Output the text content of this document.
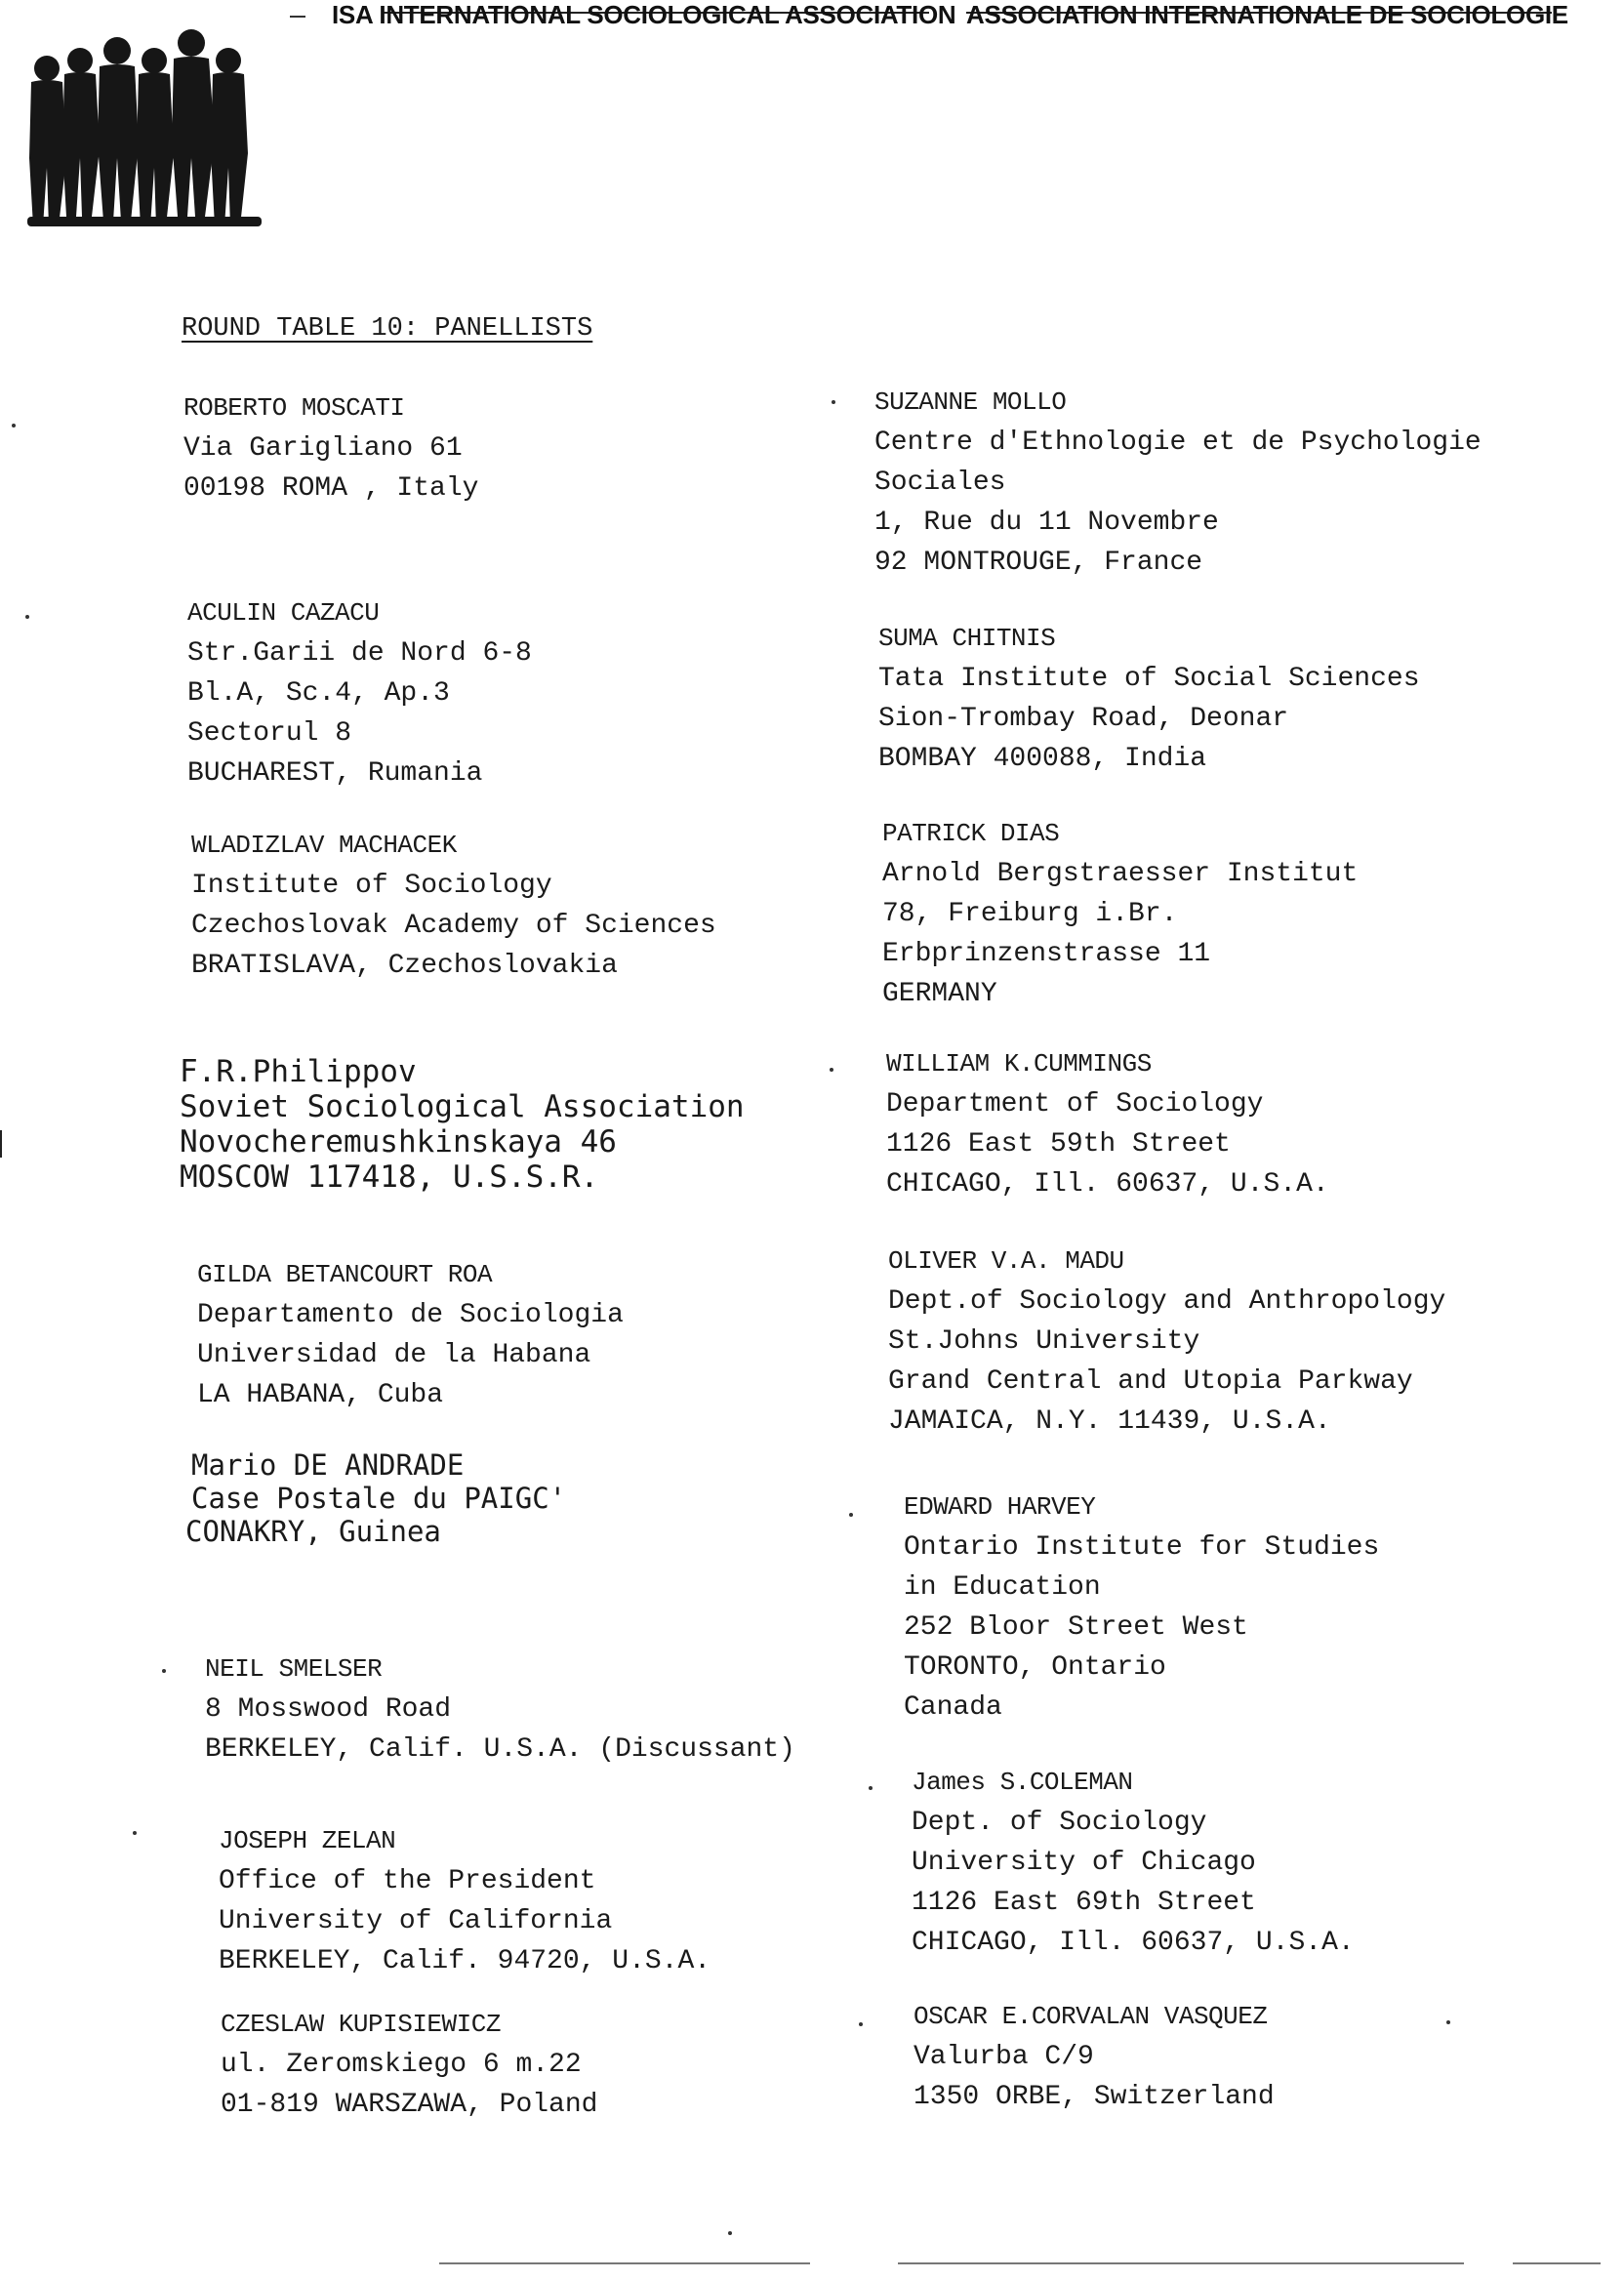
ISA INTERNATIONAL SOCIOLOGICAL ASSOCIATION ASSOCIATION INTERNATIONALE DE SOCIOLOGIE
ROUND TABLE 10: PANELLISTS
ROBERTO MOSCATI
Via Garigliano 61
00198 ROMA , Italy
ACULIN CAZACU
Str.Garii de Nord 6-8
Bl.A, Sc.4, Ap.3
Sectorul 8
BUCHAREST, Rumania
WLADIZLAV MACHACEK
Institute of Sociology
Czechoslovak Academy of Sciences
BRATISLAVA, Czechoslovakia
F.R.Philippov
Soviet Sociological Association
Novocheremushkinskaya 46
MOSCOW 117418, U.S.S.R.
GILDA BETANCOURT ROA
Departamento de Sociologia
Universidad de la Habana
LA HABANA, Cuba
Mario DE ANDRADE
Case Postale du PAIGC'
CONAKRY, Guinea
NEIL SMELSER
8 Mosswood Road
BERKELEY, Calif. U.S.A. (Discussant)
JOSEPH ZELAN
Office of the President
University of California
BERKELEY, Calif. 94720, U.S.A.
CZESLAW KUPISIEWICZ
ul. Zeromskiego 6 m.22
01-819 WARSZAWA, Poland
SUZANNE MOLLO
Centre d'Ethnologie et de Psychologie
Sociales
1, Rue du 11 Novembre
92 MONTROUGE, France
SUMA CHITNIS
Tata Institute of Social Sciences
Sion-Trombay Road, Deonar
BOMBAY 400088, India
PATRICK DIAS
Arnold Bergstraesser Institut
78, Freiburg i.Br.
Erbprinzenstrasse 11
GERMANY
WILLIAM K.CUMMINGS
Department of Sociology
1126 East 59th Street
CHICAGO, Ill. 60637, U.S.A.
OLIVER V.A. MADU
Dept.of Sociology and Anthropology
St.Johns University
Grand Central and Utopia Parkway
JAMAICA, N.Y. 11439, U.S.A.
EDWARD HARVEY
Ontario Institute for Studies
in Education
252 Bloor Street West
TORONTO, Ontario
Canada
James S.COLEMAN
Dept. of Sociology
University of Chicago
1126 East 69th Street
CHICAGO, Ill. 60637, U.S.A.
OSCAR E.CORVALAN VASQUEZ
Valurba C/9
1350 ORBE, Switzerland
